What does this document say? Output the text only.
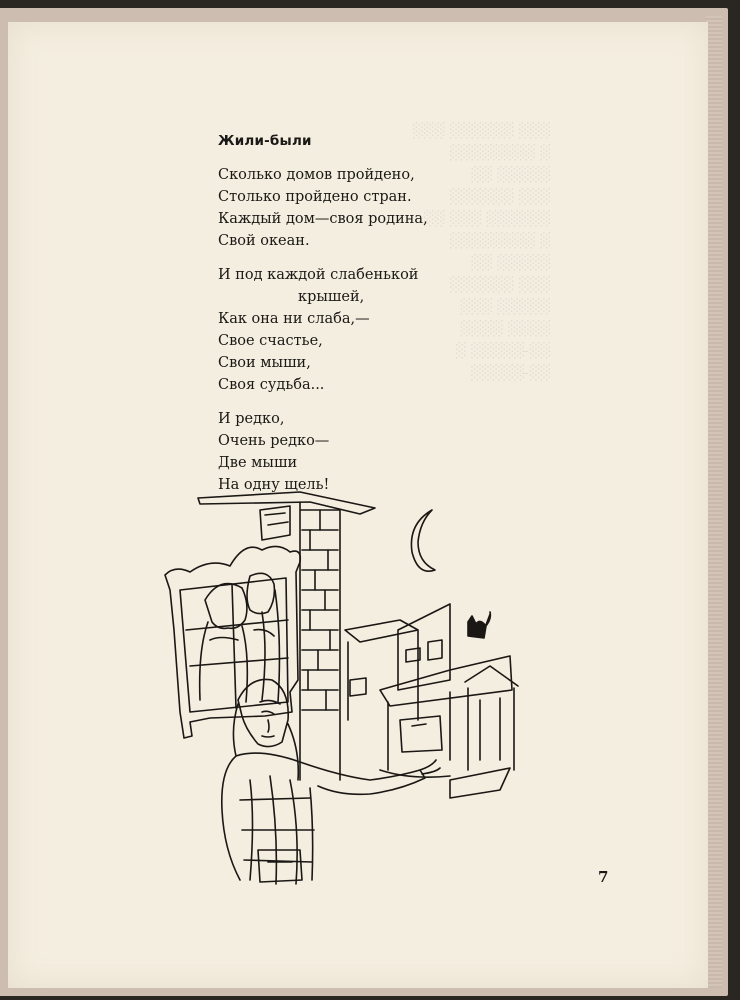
░░░ ░░░░░░ ░░░
░ ░░░░░░░░
░░░░░ ░░
░░░ ░░░░░░
░░░░░░ ░░░ ░░
░ ░░░░░░░░
░░░░░ ░░
░░░ ░░░░░░
░░░░░ ░░░
░░░░ ░░░░
░░-░░░░░ ░
░░-░░░░░
Жили-были
Сколько домов пройдено,
Столько пройдено стран.
Каждый дом—своя родина,
Свой океан.
И под каждой слабенькой
крышей,
Как она ни слаба,—
Свое счастье,
Свои мыши,
Своя судьба...
И редко,
Очень редко—
Две мыши
На одну щель!
7
